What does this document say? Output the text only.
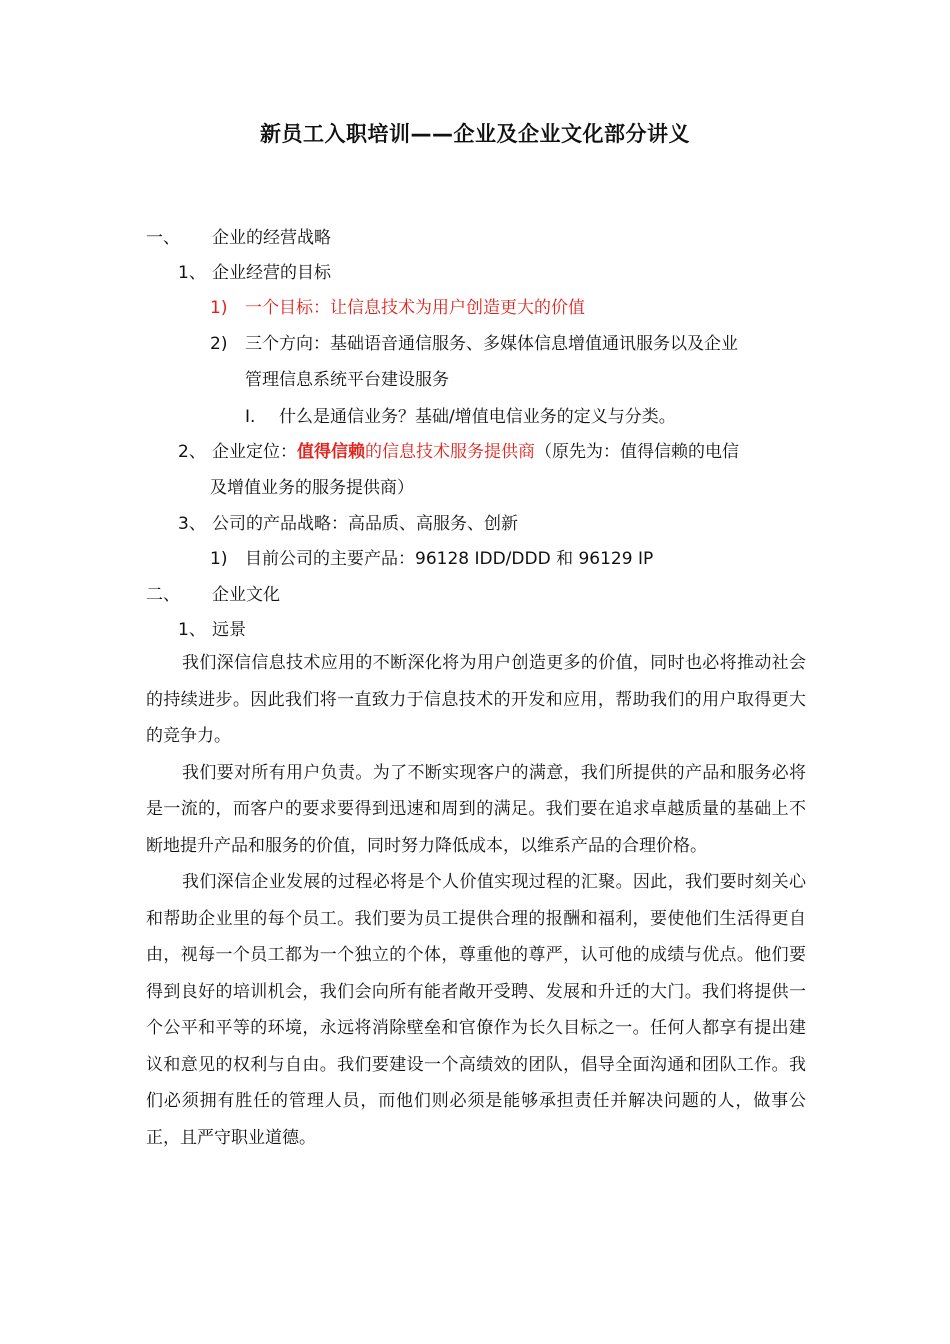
新员工入职培训——企业及企业文化部分讲义
一、 企业的经营战略
1、 企业经营的目标
1) 一个目标：让信息技术为用户创造更大的价值
2) 三个方向：基础语音通信服务、多媒体信息增值通讯服务以及企业
管理信息系统平台建设服务
I. 什么是通信业务？基础/增值电信业务的定义与分类。
2、 企业定位：值得信赖的信息技术服务提供商（原先为：值得信赖的电信
及增值业务的服务提供商）
3、 公司的产品战略：高品质、高服务、创新
1) 目前公司的主要产品：96128 IDD/DDD 和 96129 IP
二、 企业文化
1、 远景

我们深信信息技术应用的不断深化将为用户创造更多的价值，同时也必将推动社会的持续进步。因此我们将一直致力于信息技术的开发和应用，帮助我们的用户取得更大的竞争力。

我们要对所有用户负责。为了不断实现客户的满意，我们所提供的产品和服务必将是一流的，而客户的要求要得到迅速和周到的满足。我们要在追求卓越质量的基础上不断地提升产品和服务的价值，同时努力降低成本，以维系产品的合理价格。

我们深信企业发展的过程必将是个人价值实现过程的汇聚。因此，我们要时刻关心和帮助企业里的每个员工。我们要为员工提供合理的报酬和福利，要使他们生活得更自由，视每一个员工都为一个独立的个体，尊重他的尊严，认可他的成绩与优点。他们要得到良好的培训机会，我们会向所有能者敞开受聘、发展和升迁的大门。我们将提供一个公平和平等的环境，永远将消除壁垒和官僚作为长久目标之一。任何人都享有提出建议和意见的权利与自由。我们要建设一个高绩效的团队，倡导全面沟通和团队工作。我们必须拥有胜任的管理人员，而他们则必须是能够承担责任并解决问题的人，做事公正，且严守职业道德。
